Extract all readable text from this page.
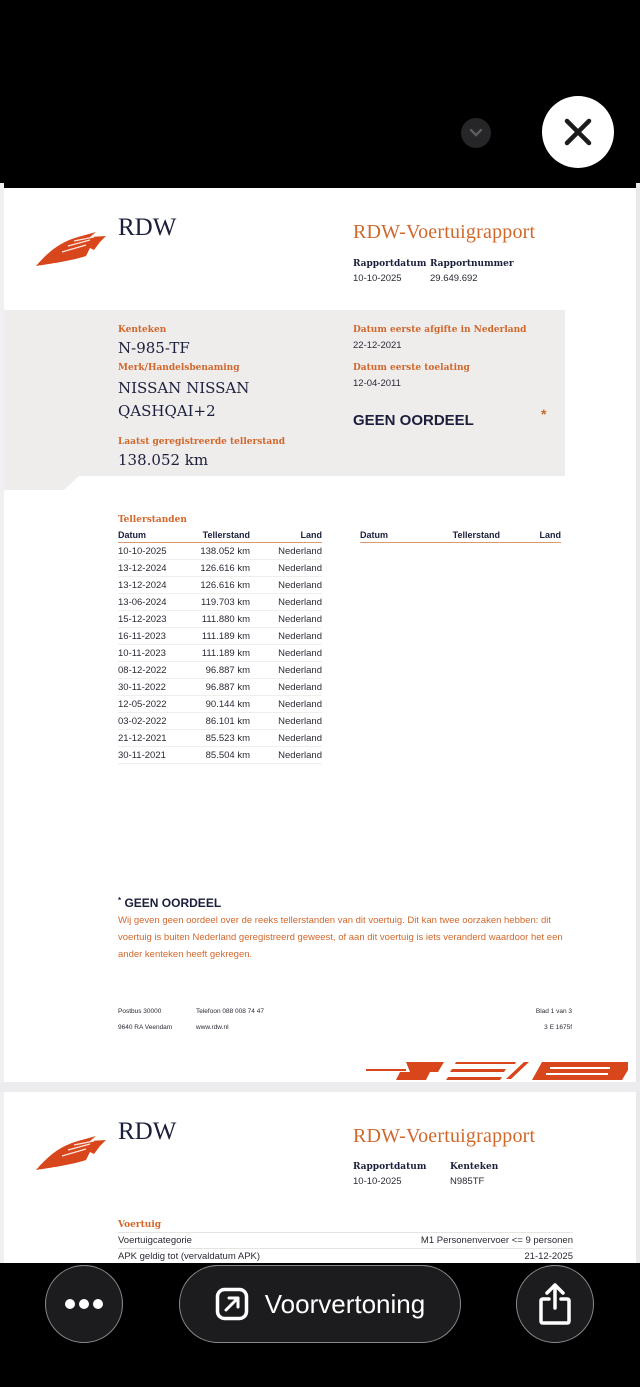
RDW	RDW-Voertuigrapport
Rapportdatum
10-10-2025
Rapportnummer
29.649.692
Kenteken
N-985-TF
Merk/Handelsbenaming
NISSAN NISSAN
QASHQAI+2
Laatst geregistreerde tellerstand
138.052 km
Datum eerste afgifte in Nederland
22-12-2021
Datum eerste toelating
12-04-2011
GEEN OORDEEL	*
Tellerstanden
Datum	Tellerstand	Land
10-10-2025	138.052 km	Nederland
13-12-2024	126.616 km	Nederland
13-12-2024	126.616 km	Nederland
13-06-2024	119.703 km	Nederland
15-12-2023	111.880 km	Nederland
16-11-2023	111.189 km	Nederland
10-11-2023	111.189 km	Nederland
08-12-2022	96.887 km	Nederland
30-11-2022	96.887 km	Nederland
12-05-2022	90.144 km	Nederland
03-02-2022	86.101 km	Nederland
21-12-2021	85.523 km	Nederland
30-11-2021	85.504 km	Nederland
Datum	Tellerstand	Land
* GEEN OORDEEL
Wij geven geen oordeel over de reeks tellerstanden van dit voertuig. Dit kan twee oorzaken hebben: dit voertuig is buiten Nederland geregistreerd geweest, of aan dit voertuig is iets veranderd waardoor het een ander kenteken heeft gekregen.
Postbus 30000
9640 RA Veendam
Telefoon 088 008 74 47
www.rdw.nl
Blad 1 van 3
3 E 1675f
RDW	RDW-Voertuigrapport
Rapportdatum
10-10-2025
Kenteken
N985TF
Voertuig
Voertuigcategorie	M1 Personenvervoer <= 9 personen
APK geldig tot (vervaldatum APK)	21-12-2025
Voorvertoning
